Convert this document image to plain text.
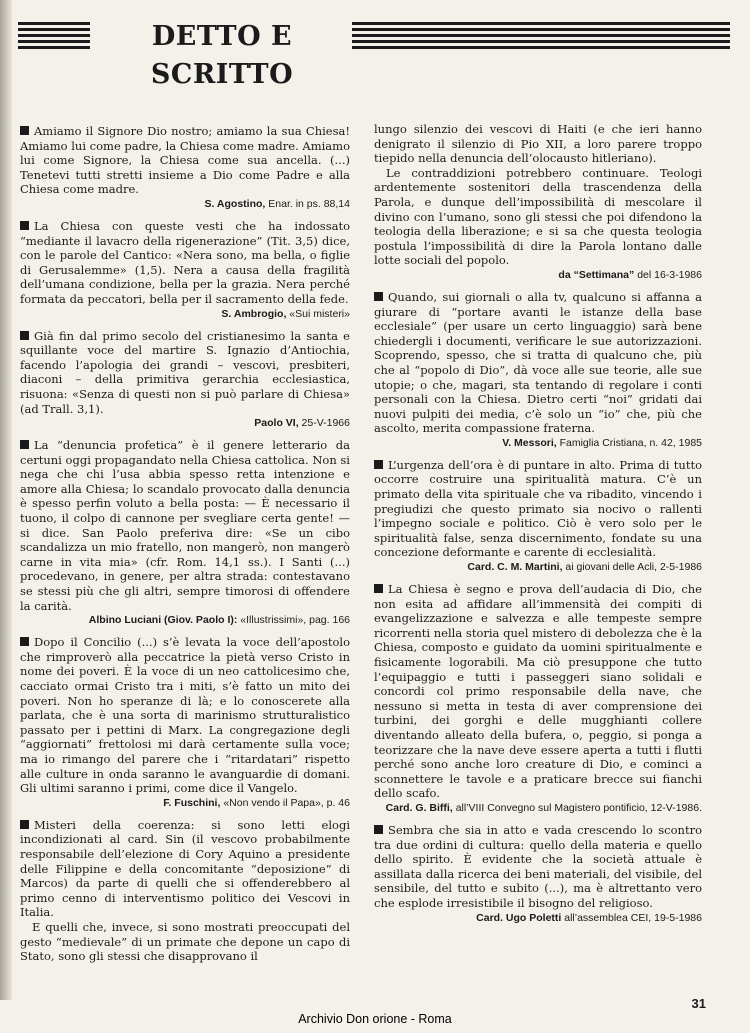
DETTO E SCRITTO

Amiamo il Signore Dio nostro; amiamo la sua Chiesa! Amiamo lui come padre, la Chiesa come madre. Amiamo lui come Signore, la Chiesa come sua ancella. (...) Tenetevi tutti stretti insieme a Dio come Padre e alla Chiesa come madre.

S. Agostino, Enar. in ps. 88,14

La Chiesa con queste vesti che ha indossato “mediante il lavacro della rigenerazione” (Tit. 3,5) dice, con le parole del Cantico: «Nera sono, ma bella, o figlie di Gerusalemme» (1,5). Nera a causa della fragilità dell’umana condizione, bella per la grazia. Nera perché formata da peccatori, bella per il sacramento della fede.

S. Ambrogio, «Sui misteri»

Già fin dal primo secolo del cristianesimo la santa e squillante voce del martire S. Ignazio d’Antiochia, facendo l’apologia dei grandi – vescovi, presbiteri, diaconi – della primitiva gerarchia ecclesiastica, risuona: «Senza di questi non si può parlare di Chiesa» (ad Trall. 3,1).

Paolo VI, 25-V-1966

La “denuncia profetica” è il genere letterario da certuni oggi propagandato nella Chiesa cattolica. Non si nega che chi l’usa abbia spesso retta intenzione e amore alla Chiesa; lo scandalo provocato dalla denuncia è spesso perfin voluto a bella posta: — È necessario il tuono, il colpo di cannone per svegliare certa gente! — si dice. San Paolo preferiva dire: «Se un cibo scandalizza un mio fratello, non mangerò, non mangerò carne in vita mia» (cfr. Rom. 14,1 ss.). I Santi (...) procedevano, in genere, per altra strada: contestavano se stessi più che gli altri, sempre timorosi di offendere la carità.

Albino Luciani (Giov. Paolo I): «Illustrissimi», pag. 166

Dopo il Concilio (...) s’è levata la voce dell’apostolo che rimproverò alla peccatrice la pietà verso Cristo in nome dei poveri. È la voce di un neo cattolicesimo che, cacciato ormai Cristo tra i miti, s’è fatto un mito dei poveri. Non ho speranze di là; e lo conoscerete alla parlata, che è una sorta di marinismo strutturalistico passato per i pettini di Marx. La congregazione degli “aggiornati” frettolosi mi darà certamente sulla voce; ma io rimango del parere che i “ritardatari” rispetto alle culture in onda saranno le avanguardie di domani. Gli ultimi saranno i primi, come dice il Vangelo.

F. Fuschini, «Non vendo il Papa», p. 46

Misteri della coerenza: si sono letti elogi incondizionati al card. Sin (il vescovo probabilmente responsabile dell’elezione di Cory Aquino a presidente delle Filippine e della concomitante “deposizione” di Marcos) da parte di quelli che si offenderebbero al primo cenno di interventismo politico dei Vescovi in Italia.

E quelli che, invece, si sono mostrati preoccupati del gesto “medievale” di un primate che depone un capo di Stato, sono gli stessi che disapprovano il

lungo silenzio dei vescovi di Haiti (e che ieri hanno denigrato il silenzio di Pio XII, a loro parere troppo tiepido nella denuncia dell’olocausto hitleriano).

Le contraddizioni potrebbero continuare. Teologi ardentemente sostenitori della trascendenza della Parola, e dunque dell’impossibilità di mescolare il divino con l’umano, sono gli stessi che poi difendono la teologia della liberazione; e si sa che questa teologia postula l’impossibilità di dire la Parola lontano dalle lotte sociali del popolo.

da “Settimana” del 16-3-1986

Quando, sui giornali o alla tv, qualcuno si affanna a giurare di “portare avanti le istanze della base ecclesiale” (per usare un certo linguaggio) sarà bene chiedergli i documenti, verificare le sue autorizzazioni. Scoprendo, spesso, che si tratta di qualcuno che, più che al “popolo di Dio”, dà voce alle sue teorie, alle sue utopie; o che, magari, sta tentando di regolare i conti personali con la Chiesa. Dietro certi “noi” gridati dai nuovi pulpiti dei media, c’è solo un “io” che, più che ascolto, merita compassione fraterna.

V. Messori, Famiglia Cristiana, n. 42, 1985

L’urgenza dell’ora è di puntare in alto. Prima di tutto occorre costruire una spiritualità matura. C’è un primato della vita spirituale che va ribadito, vincendo i pregiudizi che questo primato sia nocivo o rallenti l’impegno sociale e politico. Ciò è vero solo per le spiritualità false, senza discernimento, fondate su una concezione deformante e carente di ecclesialità.

Card. C. M. Martini, ai giovani delle Acli, 2-5-1986

La Chiesa è segno e prova dell’audacia di Dio, che non esita ad affidare all’immensità dei compiti di evangelizzazione e salvezza e alle tempeste sempre ricorrenti nella storia quel mistero di debolezza che è la Chiesa, composto e guidato da uomini spiritualmente e fisicamente logorabili. Ma ciò presuppone che tutto l’equipaggio e tutti i passeggeri siano solidali e concordi col primo responsabile della nave, che nessuno si metta in testa di aver comprensione dei turbini, dei gorghi e delle mugghianti collere diventando alleato della bufera, o, peggio, si ponga a teorizzare che la nave deve essere aperta a tutti i flutti perché sono anche loro creature di Dio, e cominci a sconnettere le tavole e a praticare brecce sui fianchi dello scafo.

Card. G. Biffi, all’VIII Convegno sul Magistero pontificio, 12-V-1986.

Sembra che sia in atto e vada crescendo lo scontro tra due ordini di cultura: quello della materia e quello dello spirito. È evidente che la società attuale è assillata dalla ricerca dei beni materiali, del visibile, del sensibile, del tutto e subito (...), ma è altrettanto vero che esplode irresistibile il bisogno del religioso.

Card. Ugo Poletti all’assemblea CEI, 19-5-1986
31
Archivio Don orione - Roma
